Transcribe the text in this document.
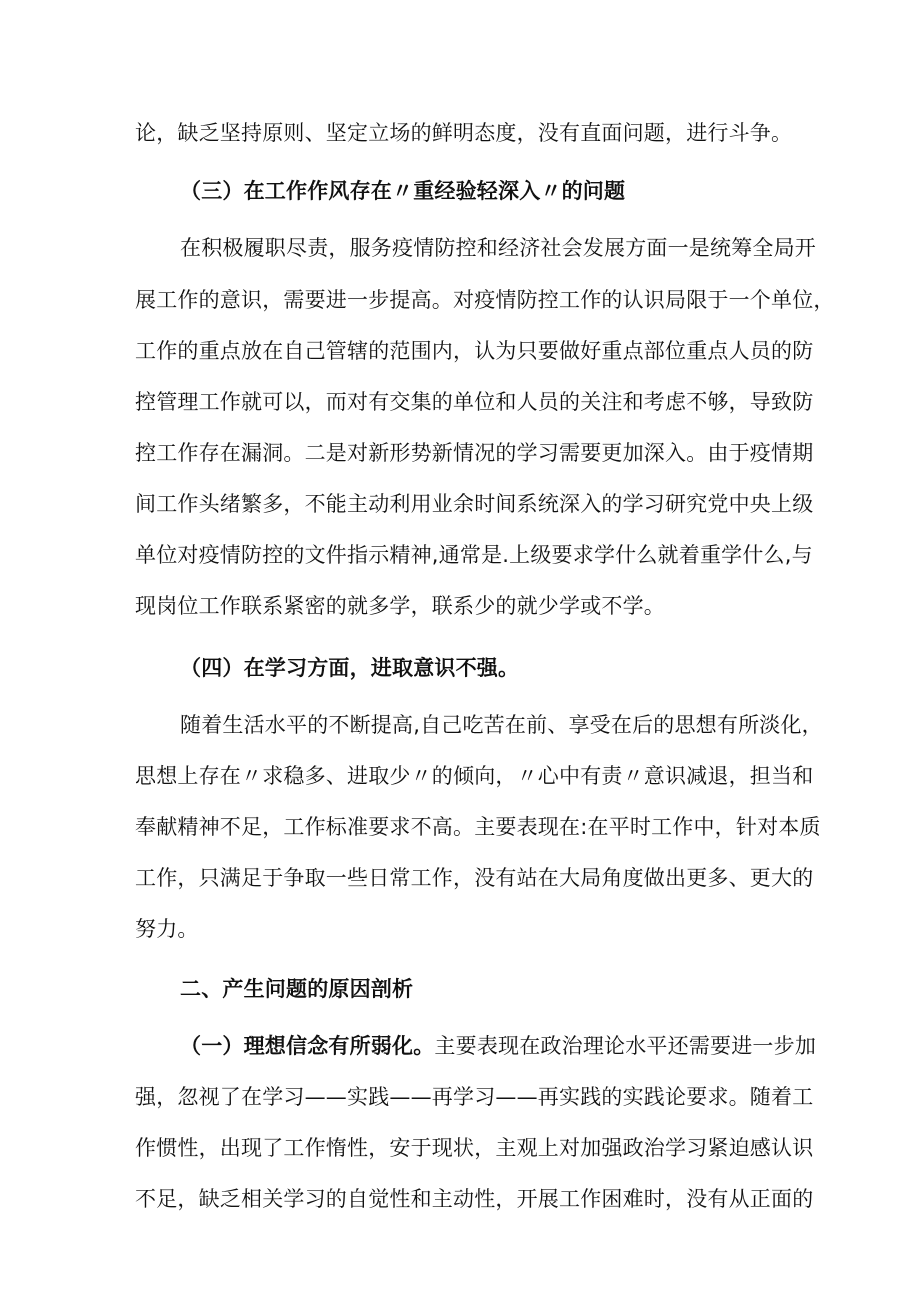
论，缺乏坚持原则、坚定立场的鲜明态度，没有直面问题，进行斗争。
（三）在工作作风存在〃重经验轻深入〃的问题
在积极履职尽责，服务疫情防控和经济社会发展方面一是统筹全局开
展工作的意识，需要进一步提高。对疫情防控工作的认识局限于一个单位，
工作的重点放在自己管辖的范围内，认为只要做好重点部位重点人员的防
控管理工作就可以，而对有交集的单位和人员的关注和考虑不够，导致防
控工作存在漏洞。二是对新形势新情况的学习需要更加深入。由于疫情期
间工作头绪繁多，不能主动利用业余时间系统深入的学习研究党中央上级
单位对疫情防控的文件指示精神,通常是.上级要求学什么就着重学什么,与
现岗位工作联系紧密的就多学，联系少的就少学或不学。
（四）在学习方面，进取意识不强。
随着生活水平的不断提高,自己吃苦在前、享受在后的思想有所淡化，
思想上存在〃求稳多、进取少〃的倾向，〃心中有责〃意识减退，担当和
奉献精神不足，工作标准要求不高。主要表现在:在平时工作中，针对本质
工作，只满足于争取一些日常工作，没有站在大局角度做出更多、更大的
努力。
二、产生问题的原因剖析
（一）理想信念有所弱化。主要表现在政治理论水平还需要进一步加
强，忽视了在学习——实践——再学习——再实践的实践论要求。随着工
作惯性，出现了工作惰性，安于现状，主观上对加强政治学习紧迫感认识
不足，缺乏相关学习的自觉性和主动性，开展工作困难时，没有从正面的
